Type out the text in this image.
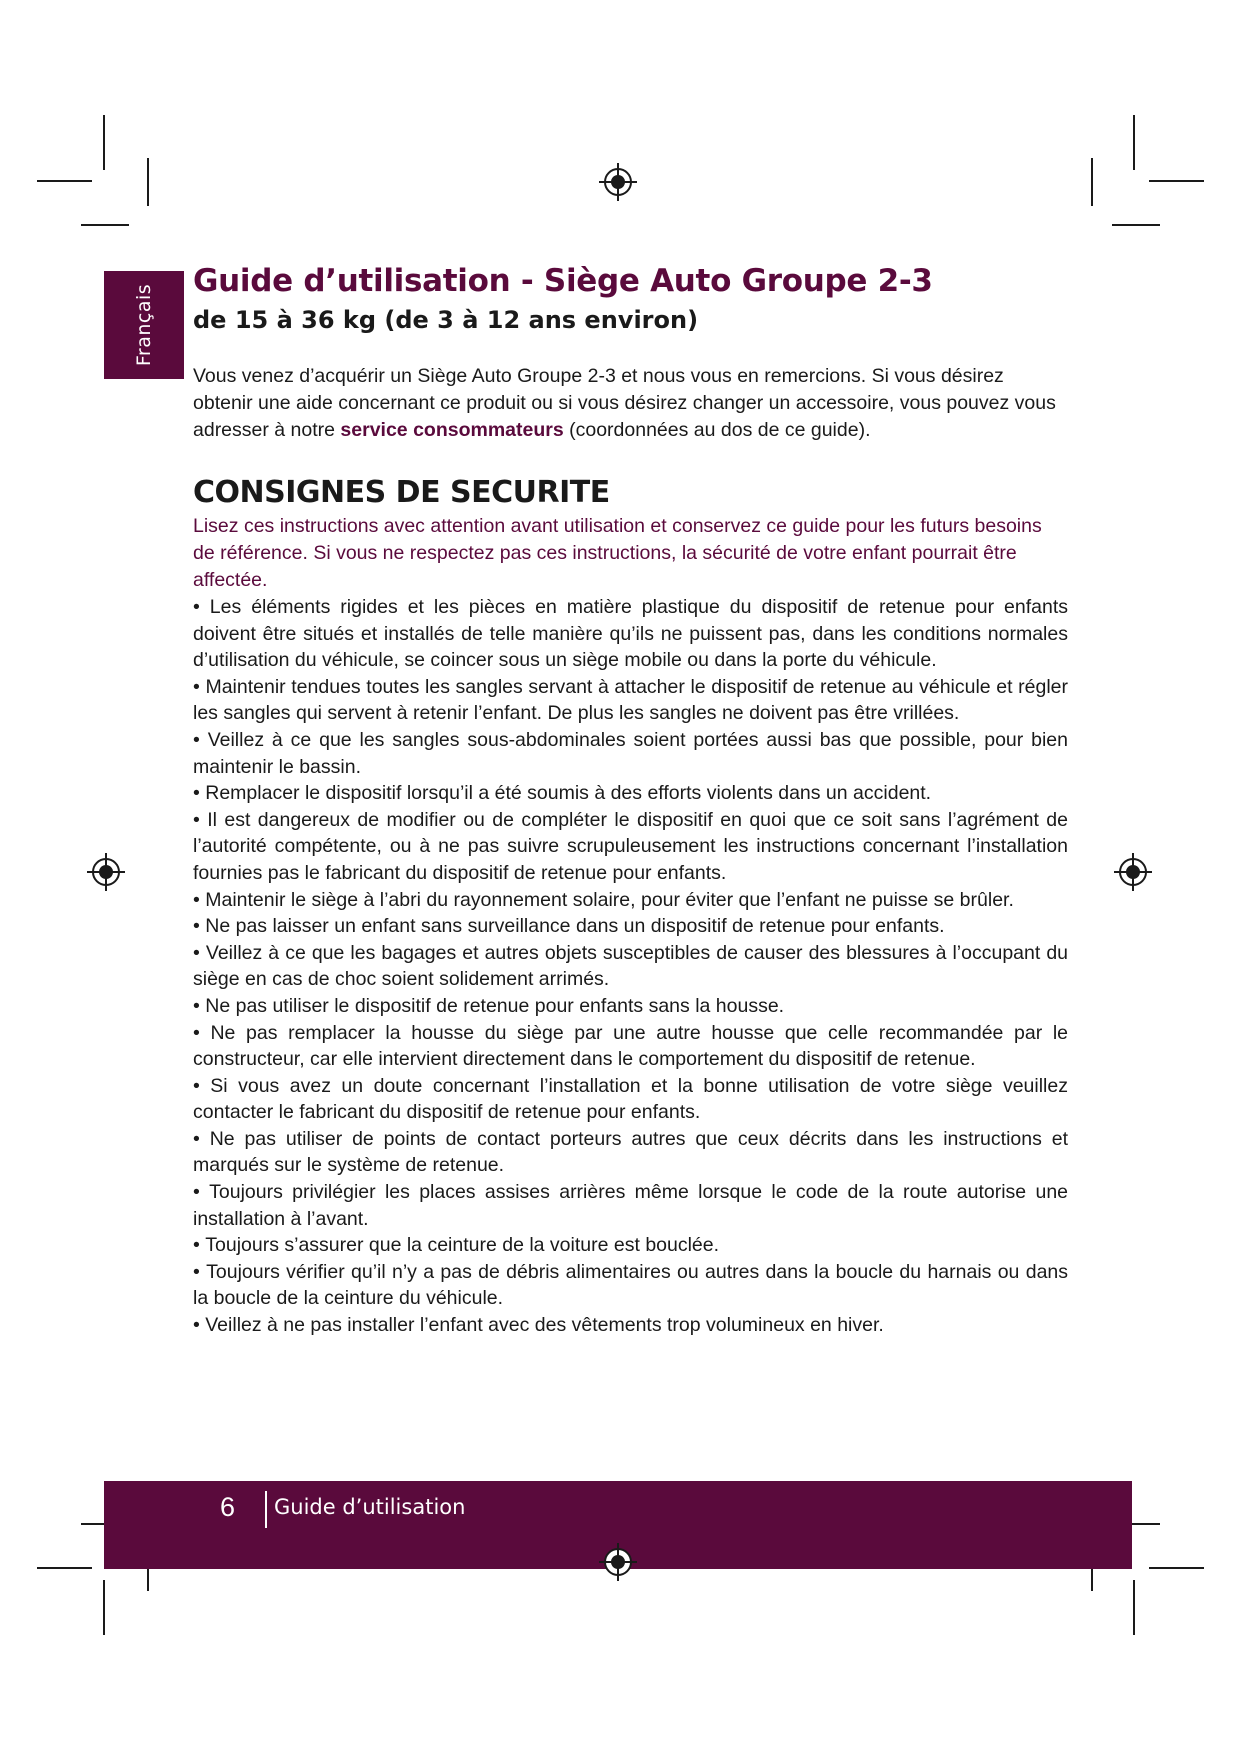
Français
Guide d’utilisation - Siège Auto Groupe 2-3
de 15 à 36 kg (de 3 à 12 ans environ)

Vous venez d’acquérir un Siège Auto Groupe 2-3 et nous vous en remercions. Si vous désirez obtenir une aide concernant ce produit ou si vous désirez changer un accessoire, vous pouvez vous adresser à notre service consommateurs (coordonnées au dos de ce guide).

CONSIGNES DE SECURITE

Lisez ces instructions avec attention avant utilisation et conservez ce guide pour les futurs besoins de référence. Si vous ne respectez pas ces instructions, la sécurité de votre enfant pourrait être affectée.

• Les éléments rigides et les pièces en matière plastique du dispositif de retenue pour enfants doivent être situés et installés de telle manière qu’ils ne puissent pas, dans les conditions normales d’utilisation du véhicule, se coincer sous un siège mobile ou dans la porte du véhicule.
• Maintenir tendues toutes les sangles servant à attacher le dispositif de retenue au véhicule et régler les sangles qui servent à retenir l’enfant. De plus les sangles ne doivent pas être vrillées.
• Veillez à ce que les sangles sous-abdominales soient portées aussi bas que possible, pour bien maintenir le bassin.
• Remplacer le dispositif lorsqu’il a été soumis à des efforts violents dans un accident.
• Il est dangereux de modifier ou de compléter le dispositif en quoi que ce soit sans l’agrément de l’autorité compétente, ou à ne pas suivre scrupuleusement les instructions concernant l’installation fournies pas le fabricant du dispositif de retenue pour enfants.
• Maintenir le siège à l’abri du rayonnement solaire, pour éviter que l’enfant ne puisse se brûler.
• Ne pas laisser un enfant sans surveillance dans un dispositif de retenue pour enfants.
• Veillez à ce que les bagages et autres objets susceptibles de causer des blessures à l’occupant du siège en cas de choc soient solidement arrimés.
• Ne pas utiliser le dispositif de retenue pour enfants sans la housse.
• Ne pas remplacer la housse du siège par une autre housse que celle recommandée par le constructeur, car elle intervient directement dans le comportement du dispositif de retenue.
• Si vous avez un doute concernant l’installation et la bonne utilisation de votre siège veuillez contacter le fabricant du dispositif de retenue pour enfants.
• Ne pas utiliser de points de contact porteurs autres que ceux décrits dans les instructions et marqués sur le système de retenue.
• Toujours privilégier les places assises arrières même lorsque le code de la route autorise une installation à l’avant.
• Toujours s’assurer que la ceinture de la voiture est bouclée.
• Toujours vérifier qu’il n’y a pas de débris alimentaires ou autres dans la boucle du harnais ou dans la boucle de la ceinture du véhicule.
• Veillez à ne pas installer l’enfant avec des vêtements trop volumineux en hiver.
6 Guide d’utilisation
